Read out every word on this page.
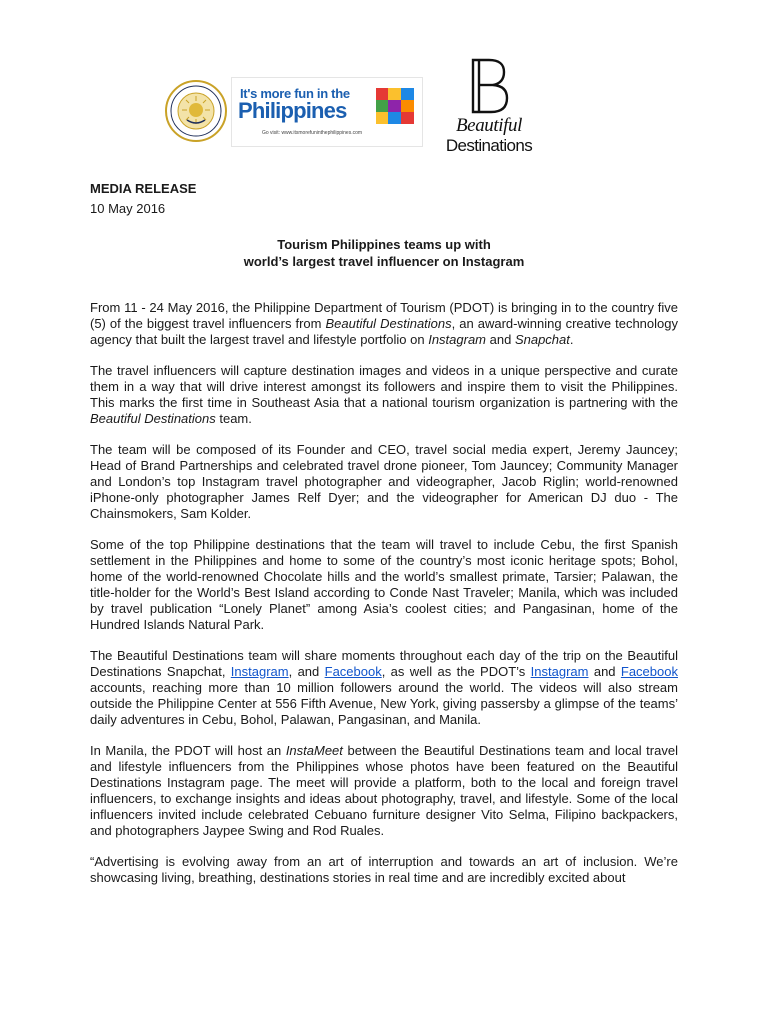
It's more fun in the
Philippines
Go visit: www.itsmorefuninthephilippines.com	Beautiful
Destinations
MEDIA RELEASE
10 May 2016
Tourism Philippines teams up with
world’s largest travel influencer on Instagram

From 11 - 24 May 2016, the Philippine Department of Tourism (PDOT) is bringing in to the country five (5) of the biggest travel influencers from Beautiful Destinations, an award-winning creative technology agency that built the largest travel and lifestyle portfolio on Instagram and Snapchat.

The travel influencers will capture destination images and videos in a unique perspective and curate them in a way that will drive interest amongst its followers and inspire them to visit the Philippines. This marks the first time in Southeast Asia that a national tourism organization is partnering with the Beautiful Destinations team.

The team will be composed of its Founder and CEO, travel social media expert, Jeremy Jauncey; Head of Brand Partnerships and celebrated travel drone pioneer, Tom Jauncey; Community Manager and London’s top Instagram travel photographer and videographer, Jacob Riglin; world-renowned iPhone-only photographer James Relf Dyer; and the videographer for American DJ duo - The Chainsmokers, Sam Kolder.

Some of the top Philippine destinations that the team will travel to include Cebu, the first Spanish settlement in the Philippines and home to some of the country’s most iconic heritage spots; Bohol, home of the world-renowned Chocolate hills and the world’s smallest primate, Tarsier; Palawan, the title-holder for the World’s Best Island according to Conde Nast Traveler; Manila, which was included by travel publication “Lonely Planet” among Asia’s coolest cities; and Pangasinan, home of the Hundred Islands Natural Park.

The Beautiful Destinations team will share moments throughout each day of the trip on the Beautiful Destinations Snapchat, Instagram, and Facebook, as well as the PDOT’s Instagram and Facebook accounts, reaching more than 10 million followers around the world. The videos will also stream outside the Philippine Center at 556 Fifth Avenue, New York, giving passersby a glimpse of the teams’ daily adventures in Cebu, Bohol, Palawan, Pangasinan, and Manila.

In Manila, the PDOT will host an InstaMeet between the Beautiful Destinations team and local travel and lifestyle influencers from the Philippines whose photos have been featured on the Beautiful Destinations Instagram page. The meet will provide a platform, both to the local and foreign travel influencers, to exchange insights and ideas about photography, travel, and lifestyle. Some of the local influencers invited include celebrated Cebuano furniture designer Vito Selma, Filipino backpackers, and photographers Jaypee Swing and Rod Ruales.

“Advertising is evolving away from an art of interruption and towards an art of inclusion. We’re showcasing living, breathing, destinations stories in real time and are incredibly excited about
